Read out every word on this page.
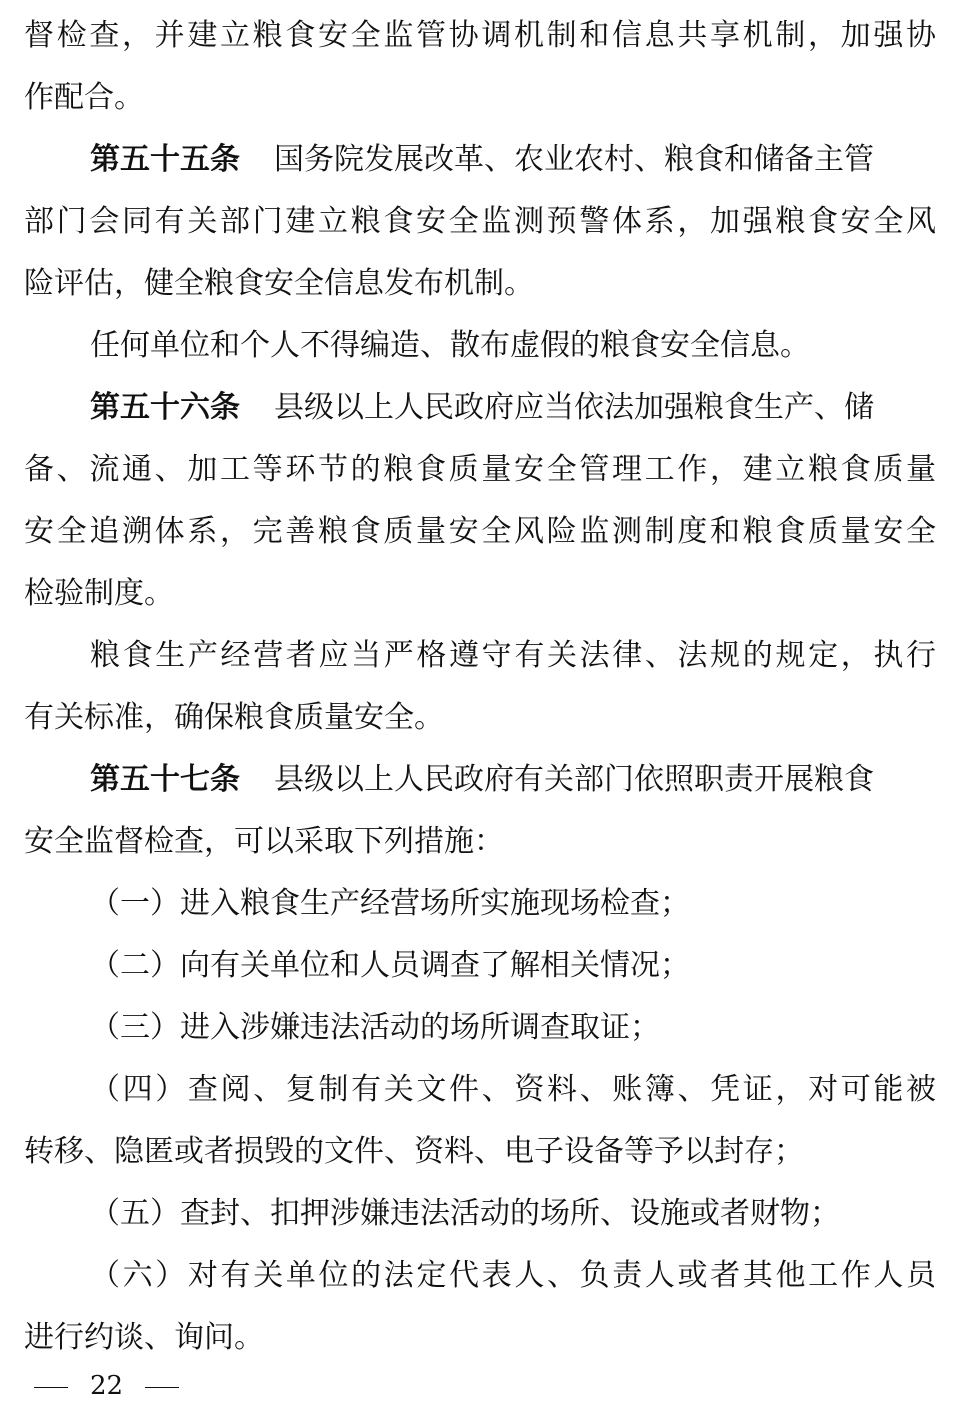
督检查，并建立粮食安全监管协调机制和信息共享机制，加强协
作配合。
第五十五条 国务院发展改革、农业农村、粮食和储备主管
部门会同有关部门建立粮食安全监测预警体系，加强粮食安全风
险评估，健全粮食安全信息发布机制。
任何单位和个人不得编造、散布虚假的粮食安全信息。
第五十六条 县级以上人民政府应当依法加强粮食生产、储
备、流通、加工等环节的粮食质量安全管理工作，建立粮食质量
安全追溯体系，完善粮食质量安全风险监测制度和粮食质量安全
检验制度。
粮食生产经营者应当严格遵守有关法律、法规的规定，执行
有关标准，确保粮食质量安全。
第五十七条 县级以上人民政府有关部门依照职责开展粮食
安全监督检查，可以采取下列措施：
（一）进入粮食生产经营场所实施现场检查；
（二）向有关单位和人员调查了解相关情况；
（三）进入涉嫌违法活动的场所调查取证；
（四）查阅、复制有关文件、资料、账簿、凭证，对可能被
转移、隐匿或者损毁的文件、资料、电子设备等予以封存；
（五）查封、扣押涉嫌违法活动的场所、设施或者财物；
（六）对有关单位的法定代表人、负责人或者其他工作人员
进行约谈、询问。
22
